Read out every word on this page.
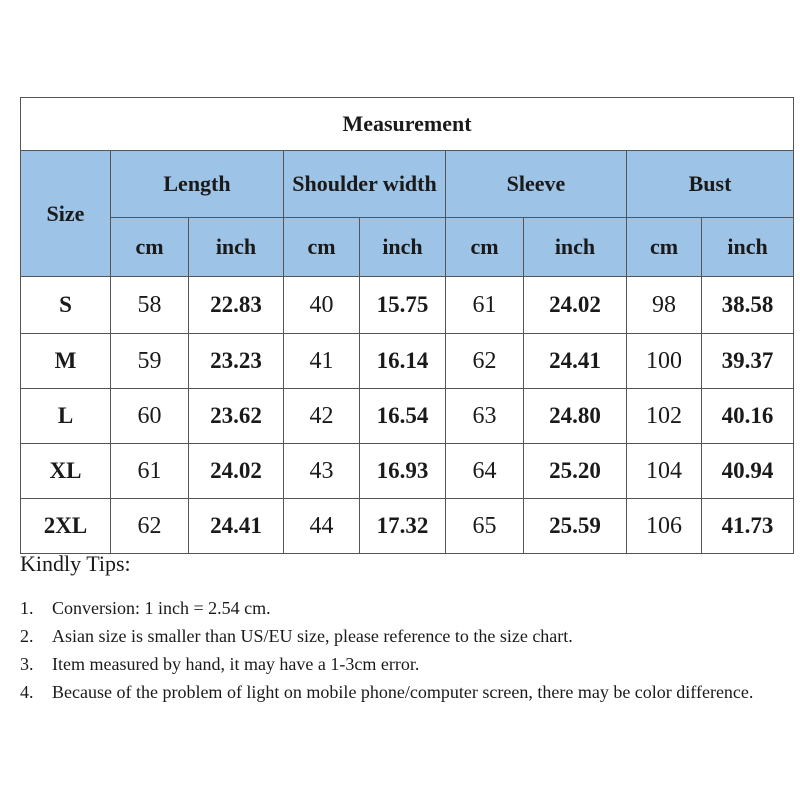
Measurement								
Size	Length		Shoulder width		Sleeve		Bust	
	cm	inch	cm	inch	cm	inch	cm	inch
S	58	22.83	40	15.75	61	24.02	98	38.58
M	59	23.23	41	16.14	62	24.41	100	39.37
L	60	23.62	42	16.54	63	24.80	102	40.16
XL	61	24.02	43	16.93	64	25.20	104	40.94
2XL	62	24.41	44	17.32	65	25.59	106	41.73
Kindly Tips:
1.	Conversion: 1 inch = 2.54 cm.
2.	Asian size is smaller than US/EU size, please reference to the size chart.
3.	Item measured by hand, it may have a 1-3cm error.
4.	Because of the problem of light on mobile phone/computer screen, there may be color difference.
